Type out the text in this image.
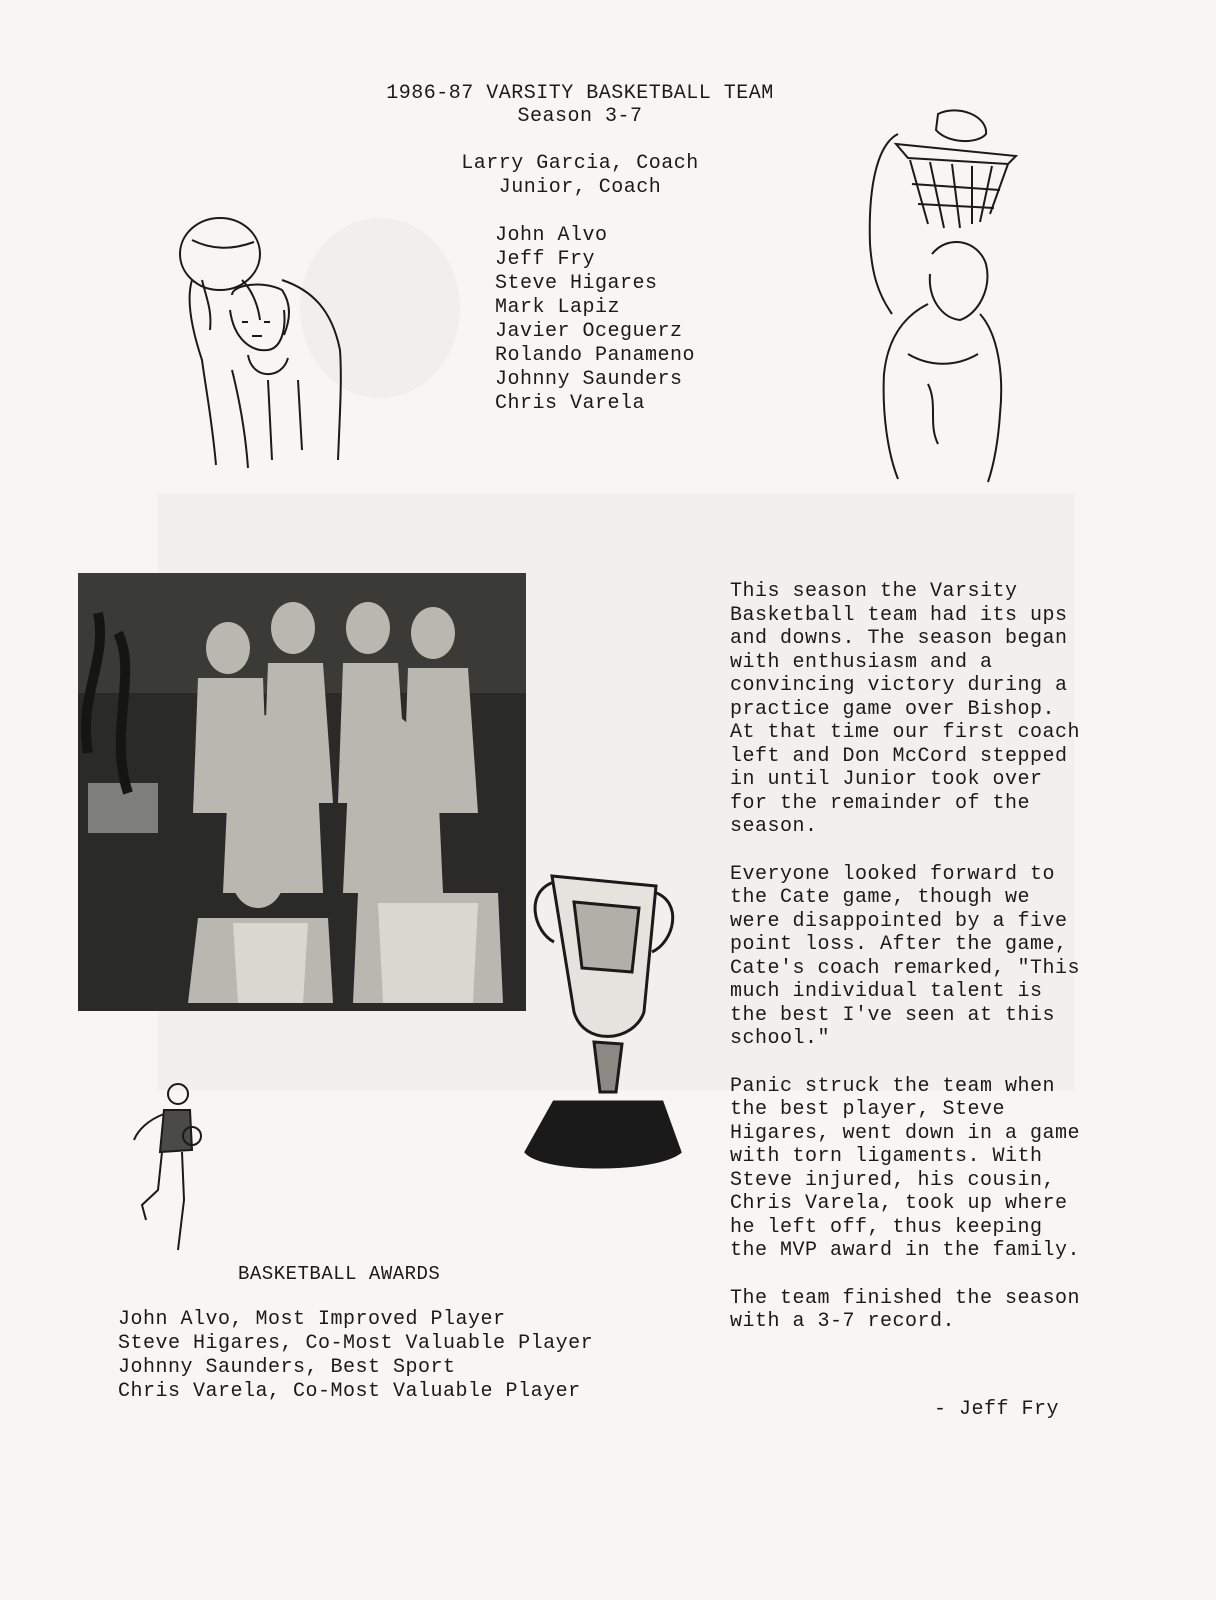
1986-87 VARSITY BASKETBALL TEAM
Season 3-7
Larry Garcia, Coach
Junior, Coach
John Alvo
Jeff Fry
Steve Higares
Mark Lapiz
Javier Oceguerz
Rolando Panameno
Johnny Saunders
Chris Varela

This season the Varsity
Basketball team had its ups
and downs. The season began
with enthusiasm and a
convincing victory during a
practice game over Bishop.
At that time our first coach
left and Don McCord stepped
in until Junior took over
for the remainder of the
season.

Everyone looked forward to
the Cate game, though we
were disappointed by a five
point loss. After the game,
Cate's coach remarked, "This
much individual talent is
the best I've seen at this
school."

Panic struck the team when
the best player, Steve
Higares, went down in a game
with torn ligaments. With
Steve injured, his cousin,
Chris Varela, took up where
he left off, thus keeping
the MVP award in the family.

The team finished the season
with a 3-7 record.

- Jeff Fry
BASKETBALL AWARDS
John Alvo, Most Improved Player
Steve Higares, Co-Most Valuable Player
Johnny Saunders, Best Sport
Chris Varela, Co-Most Valuable Player
